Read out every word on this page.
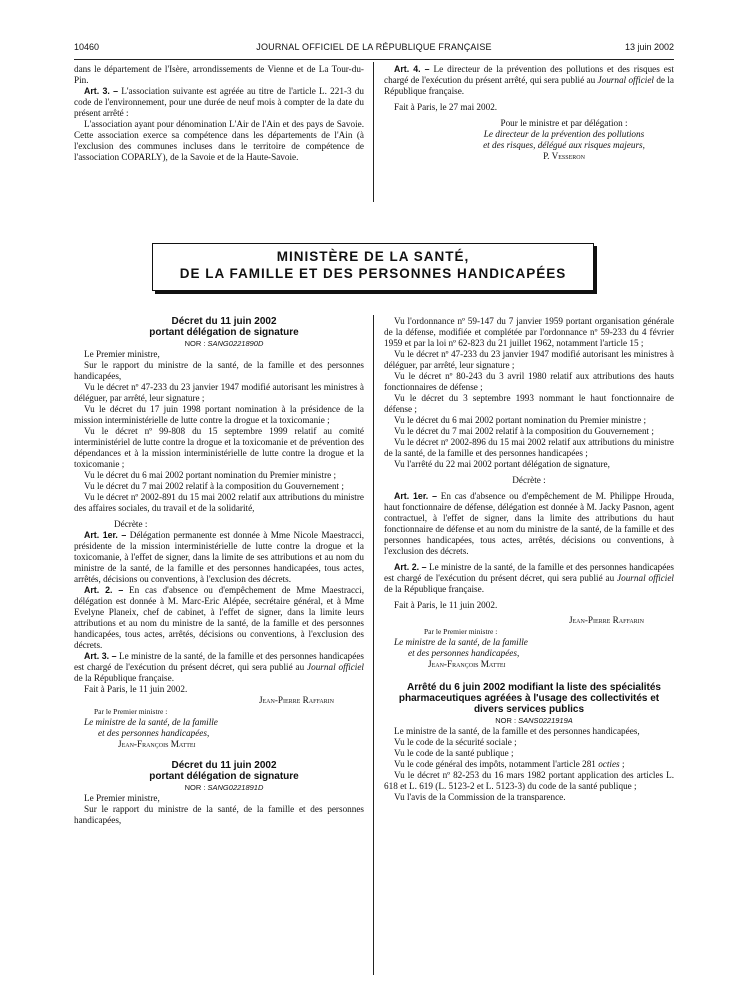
10460	JOURNAL OFFICIEL DE LA RÉPUBLIQUE FRANÇAISE	13 juin 2002

dans le département de l'Isère, arrondissements de Vienne et de La Tour-du-Pin.

Art. 3. – L'association suivante est agréée au titre de l'article L. 221-3 du code de l'environnement, pour une durée de neuf mois à compter de la date du présent arrêté :

L'association ayant pour dénomination L'Air de l'Ain et des pays de Savoie. Cette association exerce sa compétence dans les départements de l'Ain (à l'exclusion des communes incluses dans le territoire de compétence de l'association COPARLY), de la Savoie et de la Haute-Savoie.

Art. 4. – Le directeur de la prévention des pollutions et des risques est chargé de l'exécution du présent arrêté, qui sera publié au Journal officiel de la République française.

Fait à Paris, le 27 mai 2002.

Pour le ministre et par délégation :

Le directeur de la prévention des pollutions

et des risques, délégué aux risques majeurs,

P. Vesseron

MINISTÈRE DE LA SANTÉ,
DE LA FAMILLE ET DES PERSONNES HANDICAPÉES

Décret du 11 juin 2002

portant délégation de signature

NOR : SANG0221890D

Le Premier ministre,

Sur le rapport du ministre de la santé, de la famille et des personnes handicapées,

Vu le décret nº 47-233 du 23 janvier 1947 modifié autorisant les ministres à déléguer, par arrêté, leur signature ;

Vu le décret du 17 juin 1998 portant nomination à la présidence de la mission interministérielle de lutte contre la drogue et la toxicomanie ;

Vu le décret nº 99-808 du 15 septembre 1999 relatif au comité interministériel de lutte contre la drogue et la toxicomanie et de prévention des dépendances et à la mission interministérielle de lutte contre la drogue et la toxicomanie ;

Vu le décret du 6 mai 2002 portant nomination du Premier ministre ;

Vu le décret du 7 mai 2002 relatif à la composition du Gouvernement ;

Vu le décret nº 2002-891 du 15 mai 2002 relatif aux attributions du ministre des affaires sociales, du travail et de la solidarité,

Décrète :

Art. 1er. – Délégation permanente est donnée à Mme Nicole Maestracci, présidente de la mission interministérielle de lutte contre la drogue et la toxicomanie, à l'effet de signer, dans la limite de ses attributions et au nom du ministre de la santé, de la famille et des personnes handicapées, tous actes, arrêtés, décisions ou conventions, à l'exclusion des décrets.

Art. 2. – En cas d'absence ou d'empêchement de Mme Maestracci, délégation est donnée à M. Marc-Eric Alépée, secrétaire général, et à Mme Evelyne Planeix, chef de cabinet, à l'effet de signer, dans la limite leurs attributions et au nom du ministre de la santé, de la famille et des personnes handicapées, tous actes, arrêtés, décisions ou conventions, à l'exclusion des décrets.

Art. 3. – Le ministre de la santé, de la famille et des personnes handicapées est chargé de l'exécution du présent décret, qui sera publié au Journal officiel de la République française.

Fait à Paris, le 11 juin 2002.

Jean-Pierre Raffarin

Par le Premier ministre :

Le ministre de la santé, de la famille

et des personnes handicapées,

Jean-François Mattei

Décret du 11 juin 2002

portant délégation de signature

NOR : SANG0221891D

Le Premier ministre,

Sur le rapport du ministre de la santé, de la famille et des personnes handicapées,

Vu l'ordonnance nº 59-147 du 7 janvier 1959 portant organisation générale de la défense, modifiée et complétée par l'ordonnance nº 59-233 du 4 février 1959 et par la loi nº 62-823 du 21 juillet 1962, notamment l'article 15 ;

Vu le décret nº 47-233 du 23 janvier 1947 modifié autorisant les ministres à déléguer, par arrêté, leur signature ;

Vu le décret nº 80-243 du 3 avril 1980 relatif aux attributions des hauts fonctionnaires de défense ;

Vu le décret du 3 septembre 1993 nommant le haut fonctionnaire de défense ;

Vu le décret du 6 mai 2002 portant nomination du Premier ministre ;

Vu le décret du 7 mai 2002 relatif à la composition du Gouvernement ;

Vu le décret nº 2002-896 du 15 mai 2002 relatif aux attributions du ministre de la santé, de la famille et des personnes handicapées ;

Vu l'arrêté du 22 mai 2002 portant délégation de signature,

Décrète :

Art. 1er. – En cas d'absence ou d'empêchement de M. Philippe Hrouda, haut fonctionnaire de défense, délégation est donnée à M. Jacky Pasnon, agent contractuel, à l'effet de signer, dans la limite des attributions du haut fonctionnaire de défense et au nom du ministre de la santé, de la famille et des personnes handicapées, tous actes, arrêtés, décisions ou conventions, à l'exclusion des décrets.

Art. 2. – Le ministre de la santé, de la famille et des personnes handicapées est chargé de l'exécution du présent décret, qui sera publié au Journal officiel de la République française.

Fait à Paris, le 11 juin 2002.

Jean-Pierre Raffarin

Par le Premier ministre :

Le ministre de la santé, de la famille

et des personnes handicapées,

Jean-François Mattei

Arrêté du 6 juin 2002 modifiant la liste des spécialités pharmaceutiques agréées à l'usage des collectivités et divers services publics

NOR : SANS0221919A

Le ministre de la santé, de la famille et des personnes handicapées,

Vu le code de la sécurité sociale ;

Vu le code de la santé publique ;

Vu le code général des impôts, notamment l'article 281 octies ;

Vu le décret nº 82-253 du 16 mars 1982 portant application des articles L. 618 et L. 619 (L. 5123-2 et L. 5123-3) du code de la santé publique ;

Vu l'avis de la Commission de la transparence.
